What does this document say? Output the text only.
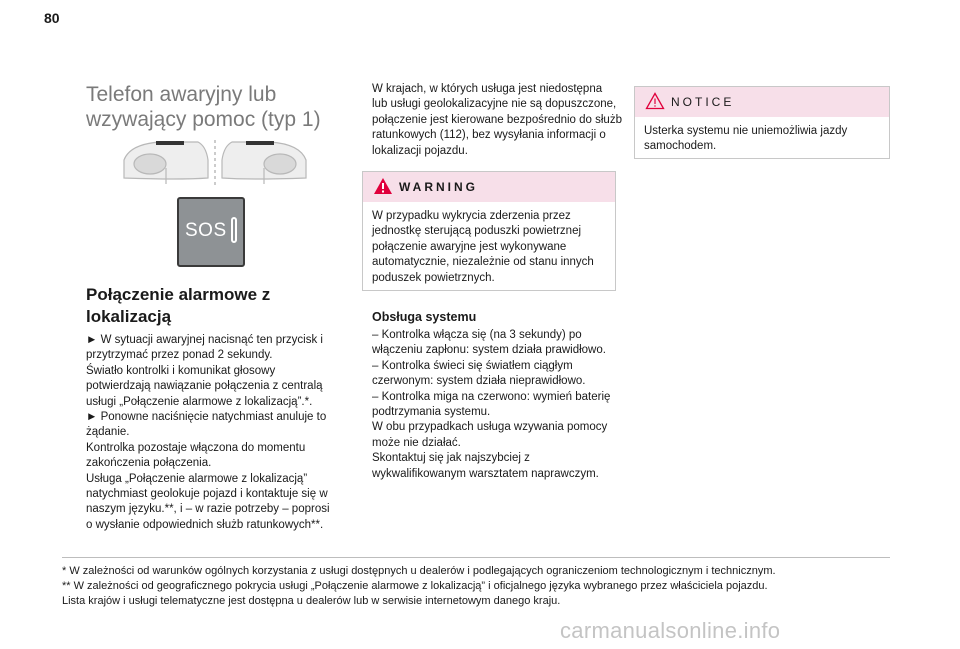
80
Telefon awaryjny lub
wzywający pomoc (typ 1)
SOS
Połączenie alarmowe z
lokalizacją

► W sytuacji awaryjnej nacisnąć ten przycisk i

przytrzymać przez ponad 2 sekundy.

Światło kontrolki i komunikat głosowy

potwierdzają nawiązanie połączenia z centralą

usługi „Połączenie alarmowe z lokalizacją”.*.

► Ponowne naciśnięcie natychmiast anuluje to

żądanie.

Kontrolka pozostaje włączona do momentu

zakończenia połączenia.

Usługa „Połączenie alarmowe z lokalizacją”

natychmiast geolokuje pojazd i kontaktuje się w

naszym języku.**, i – w razie potrzeby – poprosi

o wysłanie odpowiednich służb ratunkowych**.

W krajach, w których usługa jest niedostępna

lub usługi geolokalizacyjne nie są dopuszczone,

połączenie jest kierowane bezpośrednio do służb

ratunkowych (112), bez wysyłania informacji o

lokalizacji pojazdu.

WARNING

W przypadku wykrycia zderzenia przez

jednostkę sterującą poduszki powietrznej

połączenie awaryjne jest wykonywane

automatycznie, niezależnie od stanu innych

poduszek powietrznych.

Obsługa systemu

– Kontrolka włącza się (na 3 sekundy) po

włączeniu zapłonu: system działa prawidłowo.

– Kontrolka świeci się światłem ciągłym

czerwonym: system działa nieprawidłowo.

– Kontrolka miga na czerwono: wymień baterię

podtrzymania systemu.

W obu przypadkach usługa wzywania pomocy

może nie działać.

Skontaktuj się jak najszybciej z

wykwalifikowanym warsztatem naprawczym.

NOTICE

Usterka systemu nie uniemożliwia jazdy

samochodem.

* W zależności od warunków ogólnych korzystania z usługi dostępnych u dealerów i podlegających ograniczeniom technologicznym i technicznym.

** W zależności od geograficznego pokrycia usługi „Połączenie alarmowe z lokalizacją” i oficjalnego języka wybranego przez właściciela pojazdu.

Lista krajów i usługi telematyczne jest dostępna u dealerów lub w serwisie internetowym danego kraju.

carmanualsonline.info
